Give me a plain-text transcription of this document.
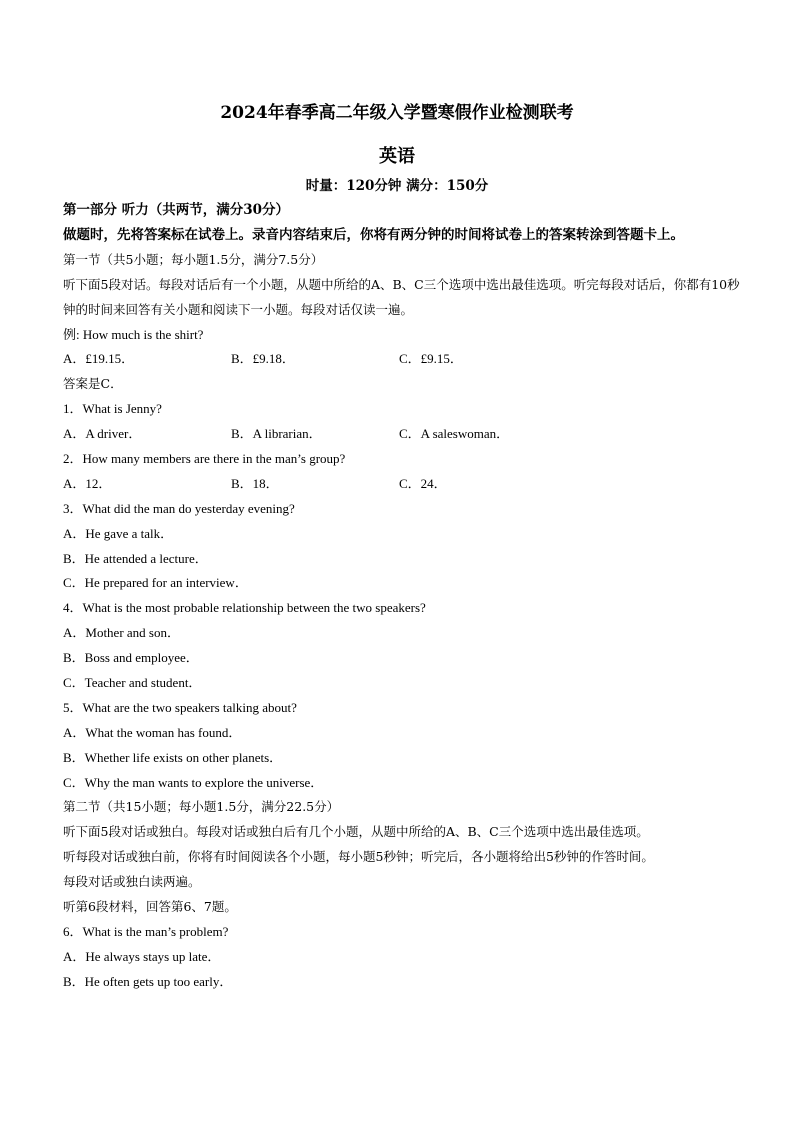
2024年春季高二年级入学暨寒假作业检测联考
英语
时量：120分钟 满分：150分
第一部分 听力（共两节，满分30分）
做题时，先将答案标在试卷上。录音内容结束后，你将有两分钟的时间将试卷上的答案转涂到答题卡上。
第一节（共5小题；每小题1.5分，满分7.5分）
听下面5段对话。每段对话后有一个小题，从题中所给的A、B、C三个选项中选出最佳选项。听完每段对话后，你都有10秒钟的时间来回答有关小题和阅读下一小题。每段对话仅读一遍。
例: How much is the shirt?
A．£19.15．	B．£9.18．	C．£9.15．
答案是C．
1．What is Jenny?
A．A driver．	B．A librarian．	C．A saleswoman．
2．How many members are there in the man’s group?
A．12．	B．18．	C．24．
3．What did the man do yesterday evening?
A．He gave a talk．
B．He attended a lecture．
C．He prepared for an interview．
4．What is the most probable relationship between the two speakers?
A．Mother and son．
B．Boss and employee．
C．Teacher and student．
5．What are the two speakers talking about?
A．What the woman has found．
B．Whether life exists on other planets．
C．Why the man wants to explore the universe．
第二节（共15小题；每小题1.5分，满分22.5分）
听下面5段对话或独白。每段对话或独白后有几个小题，从题中所给的A、B、C三个选项中选出最佳选项。
听每段对话或独白前，你将有时间阅读各个小题，每小题5秒钟；听完后，各小题将给出5秒钟的作答时间。
每段对话或独白读两遍。
听第6段材料，回答第6、7题。
6．What is the man’s problem?
A．He always stays up late．
B．He often gets up too early．
